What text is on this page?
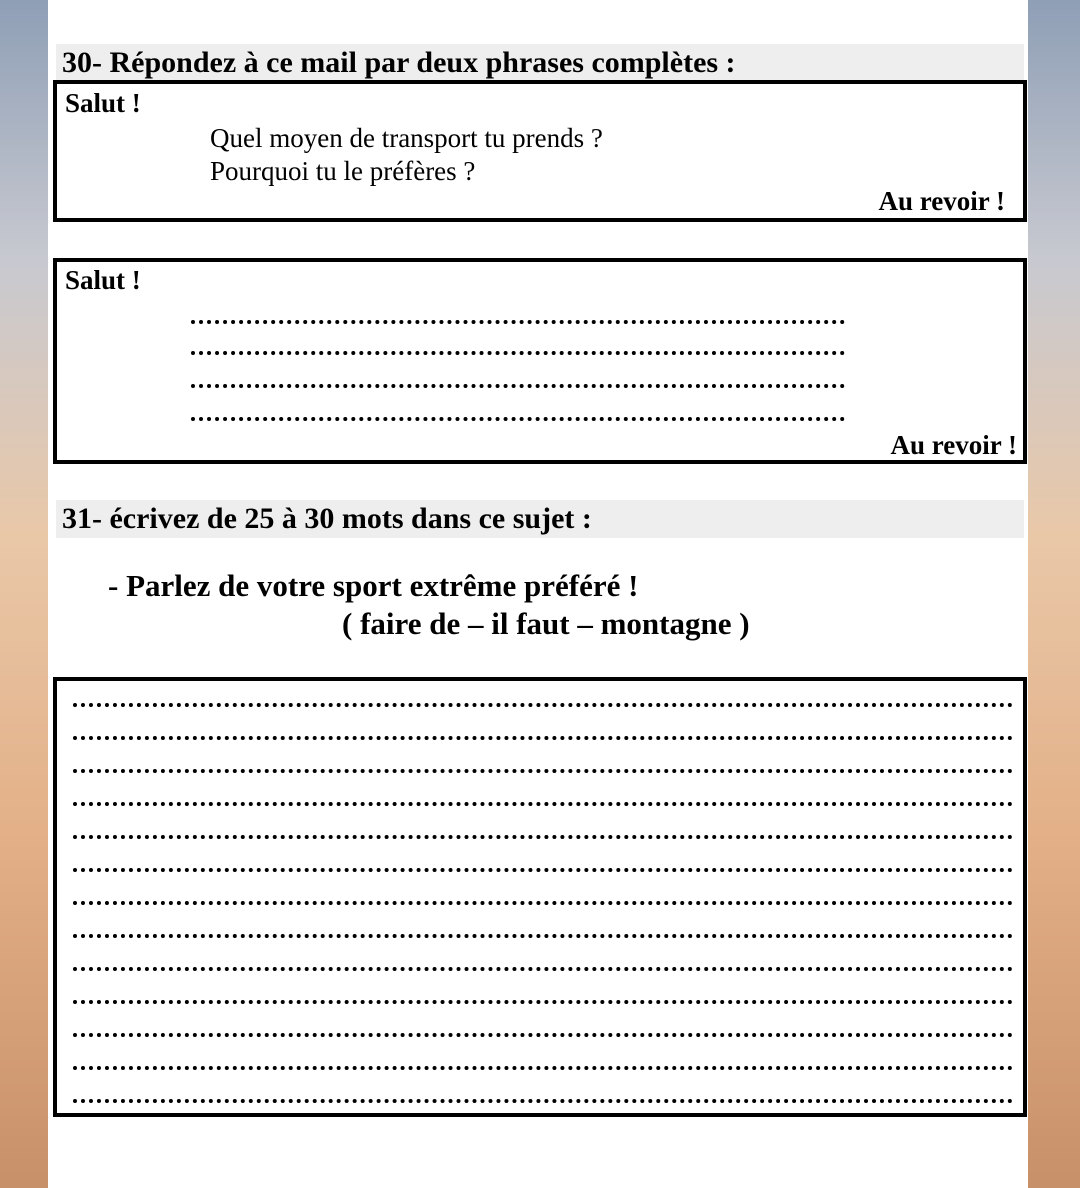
30- Répondez à ce mail par deux phrases complètes :
Salut !
Quel moyen de transport tu prends ?
Pourquoi tu le préfères ?
Au revoir !
Salut !
Au revoir !
31- écrivez de 25 à 30 mots dans ce sujet :
- Parlez de votre sport extrême préféré !
( faire de – il faut – montagne )
